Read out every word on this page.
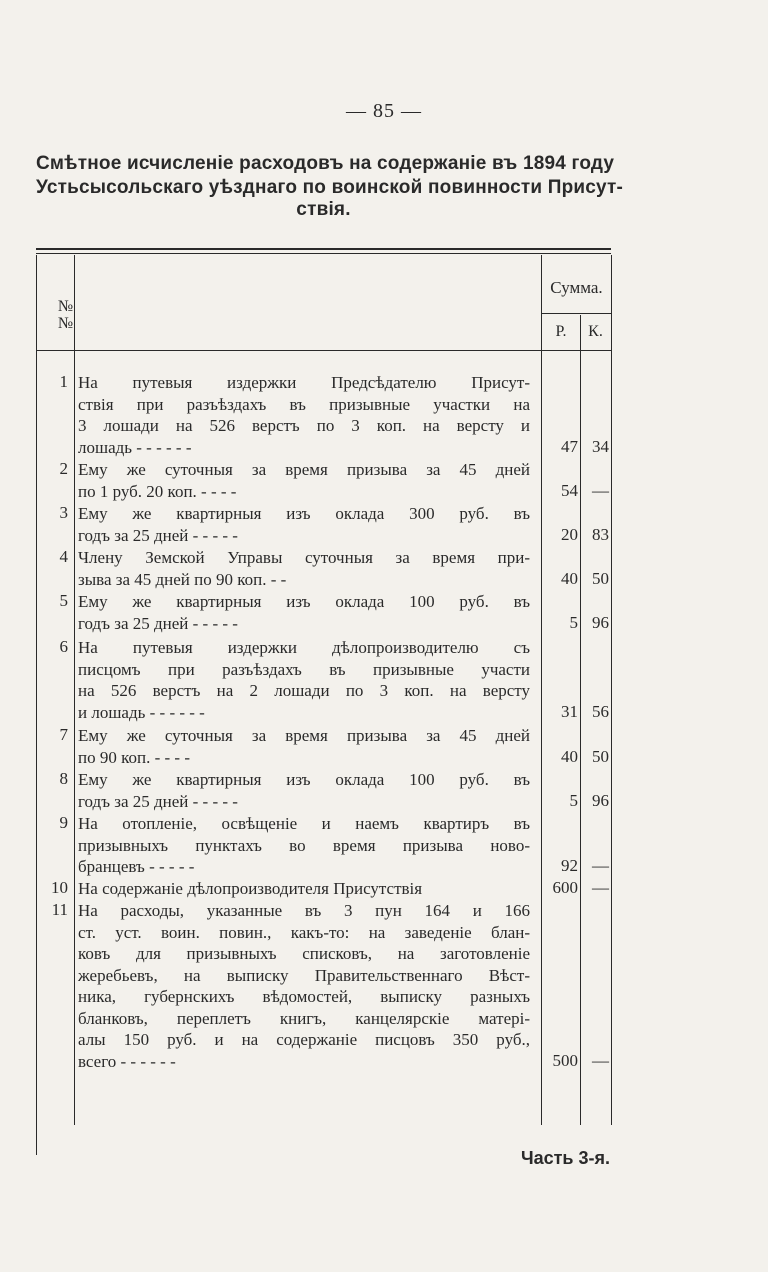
— 85 —
Смѣтное исчисленіе расходовъ на содержаніе въ 1894 году
Устьсысольскаго уѣзднаго по воинской повинности Присут-
ствія.
№№
Сумма.
Р.	К.
1 На путевыя издержки Предсѣдателю Присут-
ствія при разъѣздахъ въ призывные участки на
3 лошади на 526 верстъ по 3 коп. на версту и
лошадь - - - - - -	47 34
2 Ему же суточныя за время призыва за 45 дней
по 1 руб. 20 коп. - - - -	54 —
3 Ему же квартирныя изъ оклада 300 руб. въ
годъ за 25 дней - - - - -	20 83
4 Члену Земской Управы суточныя за время при-
зыва за 45 дней по 90 коп. - -	40 50
5 Ему же квартирныя изъ оклада 100 руб. въ
годъ за 25 дней - - - - -	5 96
6 На путевыя издержки дѣлопроизводителю съ
писцомъ при разъѣздахъ въ призывные участи
на 526 верстъ на 2 лошади по 3 коп. на версту
и лошадь - - - - - -	31 56
7 Ему же суточныя за время призыва за 45 дней
по 90 коп. - - - -	40 50
8 Ему же квартирныя изъ оклада 100 руб. въ
годъ за 25 дней - - - - -	5 96
9 На отопленіе, освѣщеніе и наемъ квартиръ въ
призывныхъ пунктахъ во время призыва ново-
бранцевъ - - - - -	92 —
10 На содержаніе дѣлопроизводителя Присутствія	600 —
11 На расходы, указанные въ 3 пун 164 и 166
ст. уст. воин. повин., какъ-то: на заведеніе блан-
ковъ для призывныхъ списковъ, на заготовленіе
жеребьевъ, на выписку Правительственнаго Вѣст-
ника, губернскихъ вѣдомостей, выписку разныхъ
бланковъ, переплетъ книгъ, канцелярскіе матері-
алы 150 руб. и на содержаніе писцовъ 350 руб.,
всего - - - - - -	500 —
Часть 3-я.
